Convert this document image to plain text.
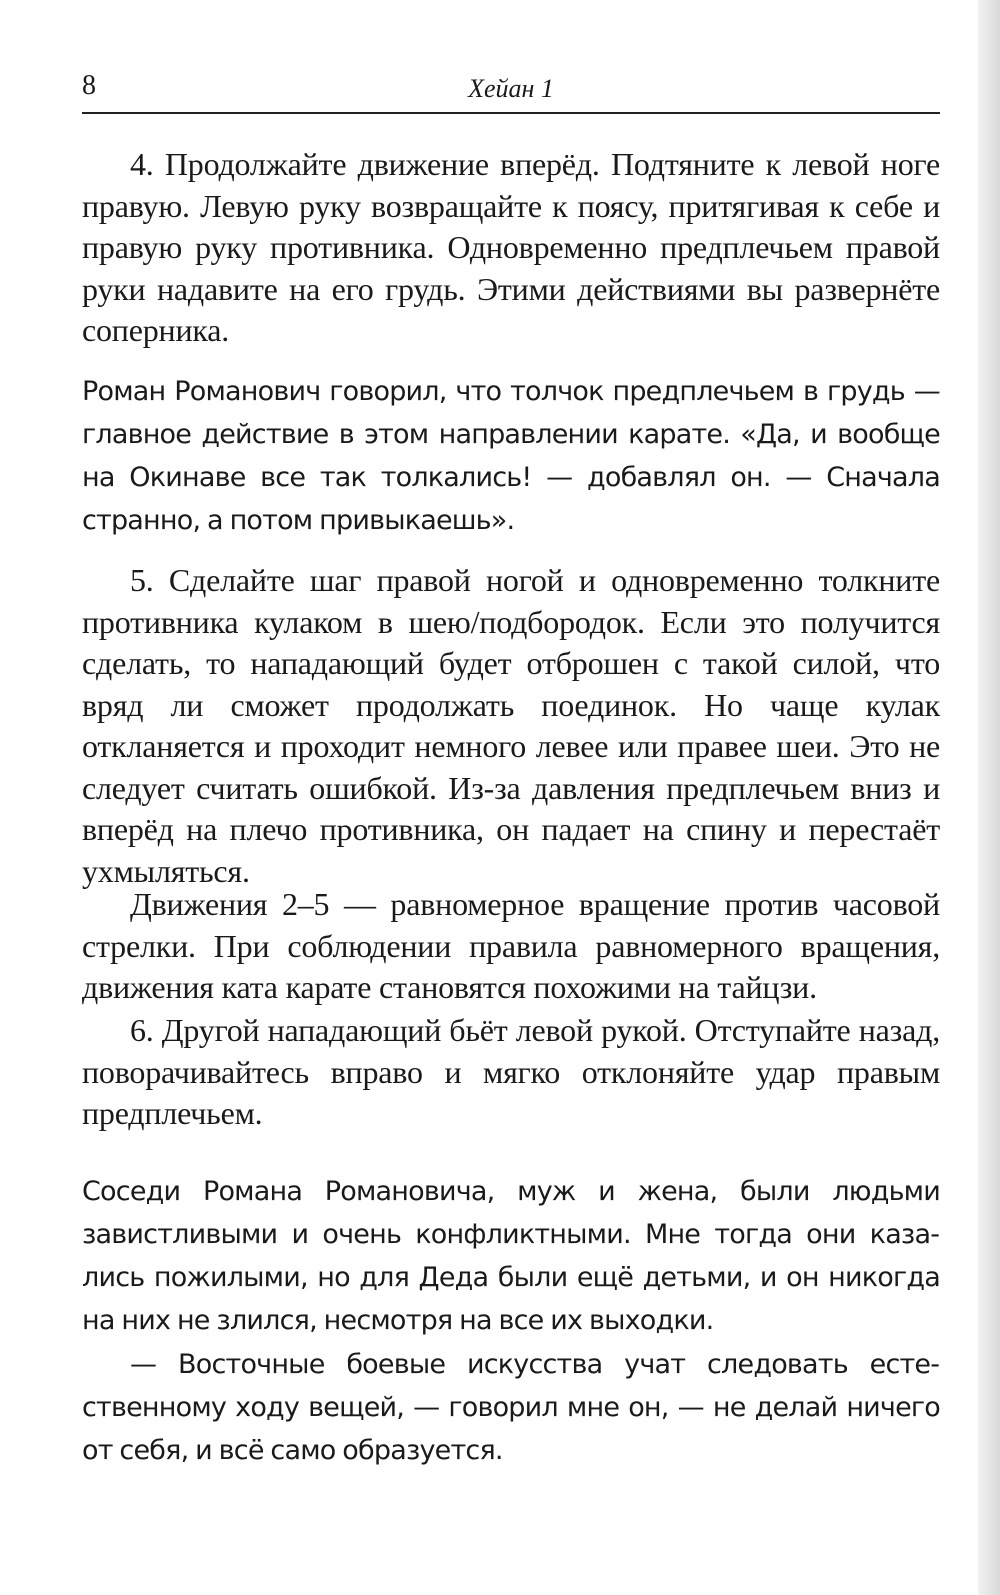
8	Хейан 1

4. Продолжайте движение вперёд. Подтяните к левой ноге правую. Левую руку возвращайте к поясу, притягивая к себе и правую руку противника. Одновременно предплечьем правой руки надавите на его грудь. Этими действиями вы развернёте соперника.

Роман Романович говорил, что толчок предплечьем в грудь — главное действие в этом направлении карате. «Да, и вообще на Окинаве все так толкались! — добавлял он. — Сначала странно, а потом привыкаешь».

5. Сделайте шаг правой ногой и одновременно толкните противника кулаком в шею/подбородок. Если это получится сделать, то нападающий будет отброшен с такой силой, что вряд ли сможет продолжать поединок. Но чаще кулак откланяется и проходит немного левее или правее шеи. Это не следует считать ошибкой. Из-за давления предплечьем вниз и вперёд на плечо противника, он падает на спину и перестаёт ухмыляться.

Движения 2–5 — равномерное вращение против часовой стрелки. При соблюдении правила равномерного вращения, движения ката карате становятся похожими на тайцзи.

6. Другой нападающий бьёт левой рукой. Отступайте назад, поворачивайтесь вправо и мягко отклоняйте удар правым предплечьем.

Соседи Романа Романовича, муж и жена, были людьми завистливыми и очень конфликтными. Мне тогда они казались пожилыми, но для Деда были ещё детьми, и он никогда на них не злился, несмотря на все их выходки.

— Восточные боевые искусства учат следовать естественному ходу вещей, — говорил мне он, — не делай ничего от себя, и всё само образуется.
